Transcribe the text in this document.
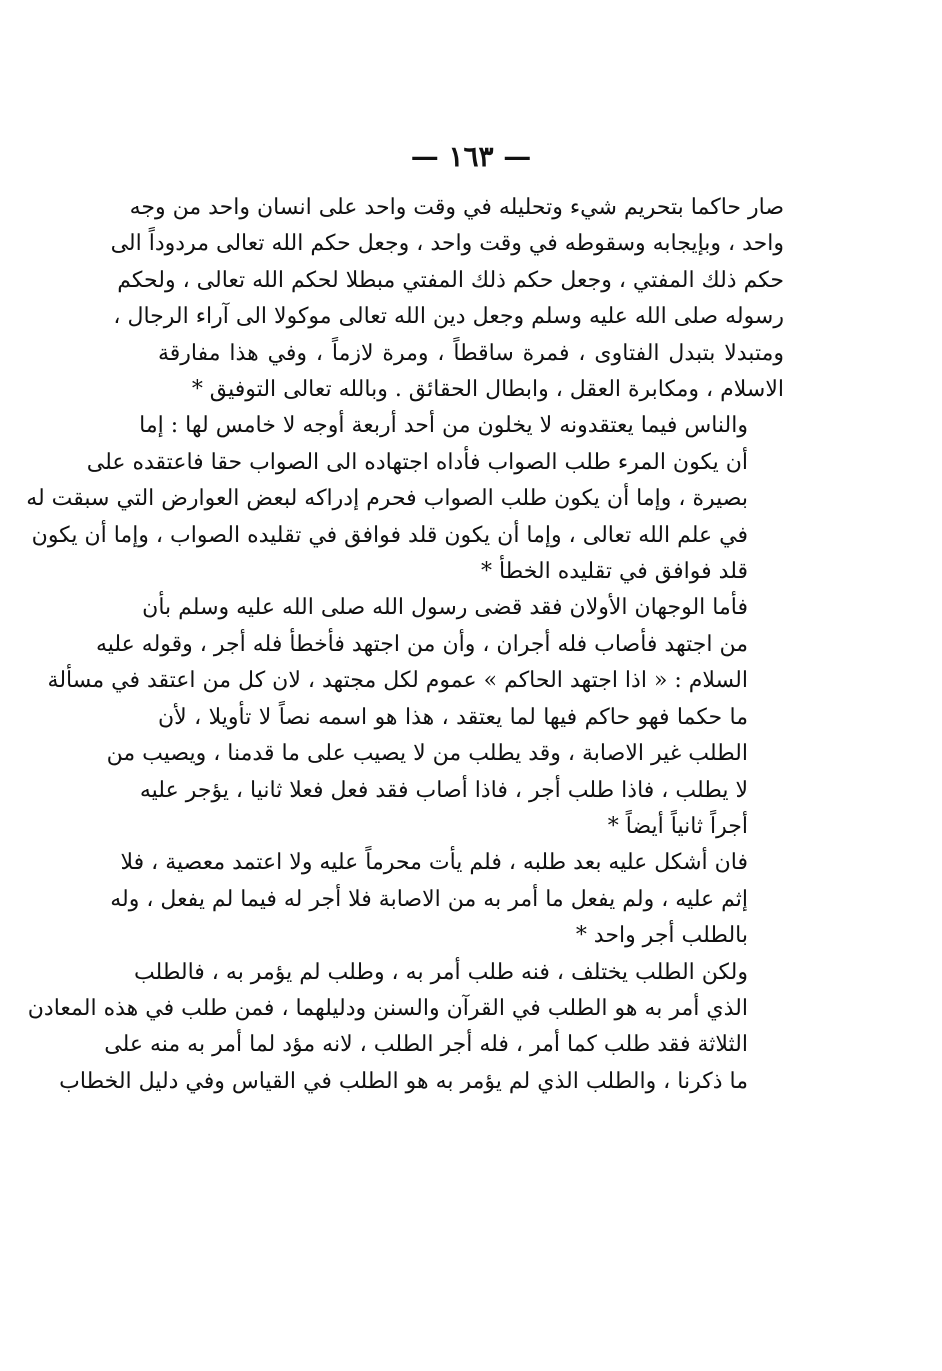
— ١٦٣ —
صار حاكما بتحريم شيء وتحليله في وقت واحد على انسان واحد من وجه
واحد ، وبإيجابه وسقوطه في وقت واحد ، وجعل حكم الله تعالى مردوداً الى
حكم ذلك المفتي ، وجعل حكم ذلك المفتي مبطلا لحكم الله تعالى ، ولحكم
رسوله صلى الله عليه وسلم وجعل دين الله تعالى موكولا الى آراء الرجال ،
ومتبدلا بتبدل الفتاوى ، فمرة ساقطاً ، ومرة لازماً ، وفي هذا مفارقة
الاسلام ، ومكابرة العقل ، وابطال الحقائق . وبالله تعالى التوفيق *
والناس فيما يعتقدونه لا يخلون من أحد أربعة أوجه لا خامس لها : إما
أن يكون المرء طلب الصواب فأداه اجتهاده الى الصواب حقا فاعتقده على
بصيرة ، وإما أن يكون طلب الصواب فحرم إدراكه لبعض العوارض التي سبقت له
في علم الله تعالى ، وإما أن يكون قلد فوافق في تقليده الصواب ، وإما أن يكون
قلد فوافق في تقليده الخطأ *
فأما الوجهان الأولان فقد قضى رسول الله صلى الله عليه وسلم بأن
من اجتهد فأصاب فله أجران ، وأن من اجتهد فأخطأ فله أجر ، وقوله عليه
السلام : « اذا اجتهد الحاكم » عموم لكل مجتهد ، لان كل من اعتقد في مسألة
ما حكما فهو حاكم فيها لما يعتقد ، هذا هو اسمه نصاً لا تأويلا ، لأن
الطلب غير الاصابة ، وقد يطلب من لا يصيب على ما قدمنا ، ويصيب من
لا يطلب ، فاذا طلب أجر ، فاذا أصاب فقد فعل فعلا ثانيا ، يؤجر عليه
أجراً ثانياً أيضاً *
فان أشكل عليه بعد طلبه ، فلم يأت محرماً عليه ولا اعتمد معصية ، فلا
إثم عليه ، ولم يفعل ما أمر به من الاصابة فلا أجر له فيما لم يفعل ، وله
بالطلب أجر واحد *
ولكن الطلب يختلف ، فنه طلب أمر به ، وطلب لم يؤمر به ، فالطلب
الذي أمر به هو الطلب في القرآن والسنن ودليلهما ، فمن طلب في هذه المعادن
الثلاثة فقد طلب كما أمر ، فله أجر الطلب ، لانه مؤد لما أمر به منه على
ما ذكرنا ، والطلب الذي لم يؤمر به هو الطلب في القياس وفي دليل الخطاب
